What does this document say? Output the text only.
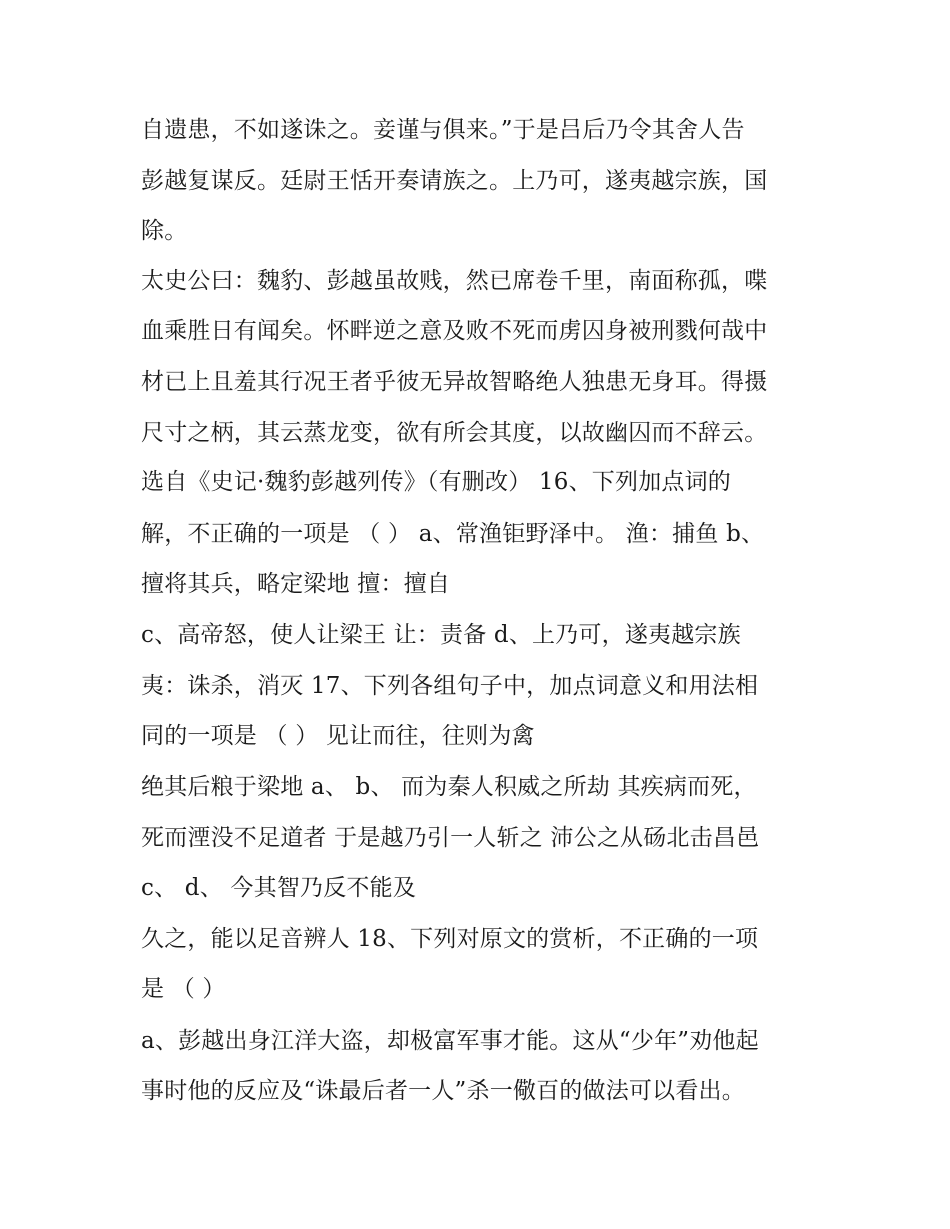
自遗患，不如遂诛之。妾谨与俱来。”于是吕后乃令其舍人告
彭越复谋反。廷尉王恬开奏请族之。上乃可，遂夷越宗族，国
除。
太史公曰：魏豹、彭越虽故贱，然已席卷千里，南面称孤，喋
血乘胜日有闻矣。怀畔逆之意及败不死而虏囚身被刑戮何哉中
材已上且羞其行况王者乎彼无异故智略绝人独患无身耳。得摄
尺寸之柄，其云蒸龙变，欲有所会其度，以故幽囚而不辞云。
选自《史记·魏豹彭越列传》（有删改） 16、下列加点词的
解，不正确的一项是 （ ） a、常渔钜野泽中。 渔：捕鱼 b、
擅将其兵，略定梁地 擅：擅自
c、高帝怒，使人让梁王 让：责备 d、上乃可，遂夷越宗族
夷：诛杀，消灭 17、下列各组句子中，加点词意义和用法相
同的一项是 （ ） 见让而往，往则为禽
绝其后粮于梁地 a、 b、 而为秦人积威之所劫 其疾病而死，
死而湮没不足道者 于是越乃引一人斩之 沛公之从砀北击昌邑
c、 d、 今其智乃反不能及
久之，能以足音辨人 18、下列对原文的赏析，不正确的一项
是 （ ）
a、彭越出身江洋大盗，却极富军事才能。这从“少年”劝他起
事时他的反应及“诛最后者一人”杀一儆百的做法可以看出。
